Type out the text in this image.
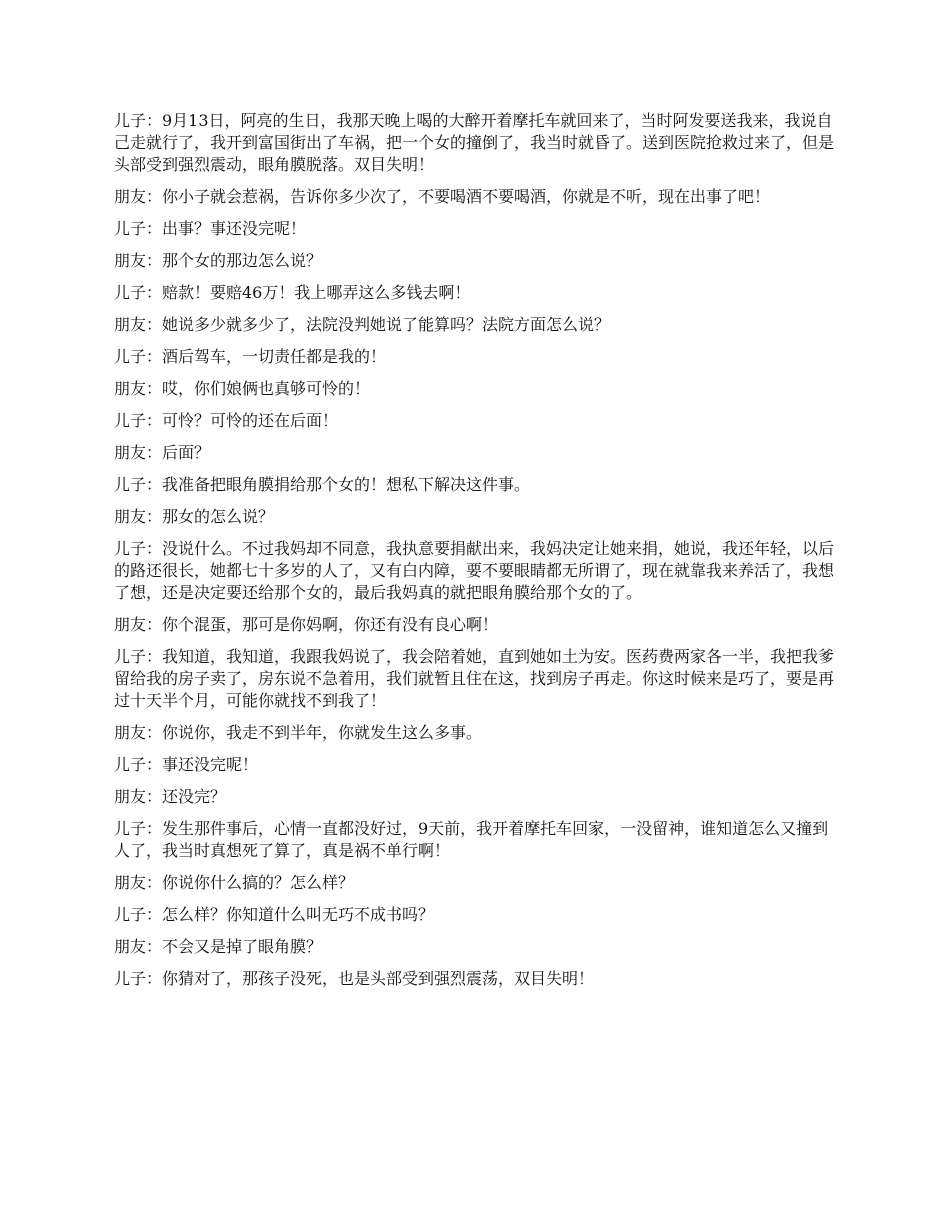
儿子：9月13日，阿亮的生日，我那天晚上喝的大醉开着摩托车就回来了，当时阿发要送我来，我说自己走就行了，我开到富国街出了车祸，把一个女的撞倒了，我当时就昏了。送到医院抢救过来了，但是头部受到强烈震动，眼角膜脱落。双目失明！

朋友：你小子就会惹祸，告诉你多少次了，不要喝酒不要喝酒，你就是不听，现在出事了吧！

儿子：出事？事还没完呢！

朋友：那个女的那边怎么说？

儿子：赔款！要赔46万！我上哪弄这么多钱去啊！

朋友：她说多少就多少了，法院没判她说了能算吗？法院方面怎么说？

儿子：酒后驾车，一切责任都是我的！

朋友：哎，你们娘俩也真够可怜的！

儿子：可怜？可怜的还在后面！

朋友：后面？

儿子：我准备把眼角膜捐给那个女的！想私下解决这件事。

朋友：那女的怎么说？

儿子：没说什么。不过我妈却不同意，我执意要捐献出来，我妈决定让她来捐，她说，我还年轻，以后的路还很长，她都七十多岁的人了，又有白内障，要不要眼睛都无所谓了，现在就靠我来养活了，我想了想，还是决定要还给那个女的，最后我妈真的就把眼角膜给那个女的了。

朋友：你个混蛋，那可是你妈啊，你还有没有良心啊！

儿子：我知道，我知道，我跟我妈说了，我会陪着她，直到她如土为安。医药费两家各一半，我把我爹留给我的房子卖了，房东说不急着用，我们就暂且住在这，找到房子再走。你这时候来是巧了，要是再过十天半个月，可能你就找不到我了！

朋友：你说你，我走不到半年，你就发生这么多事。

儿子：事还没完呢！

朋友：还没完？

儿子：发生那件事后，心情一直都没好过，9天前，我开着摩托车回家，一没留神，谁知道怎么又撞到人了，我当时真想死了算了，真是祸不单行啊！

朋友：你说你什么搞的？怎么样？

儿子：怎么样？你知道什么叫无巧不成书吗？

朋友：不会又是掉了眼角膜？

儿子：你猜对了，那孩子没死，也是头部受到强烈震荡，双目失明！
